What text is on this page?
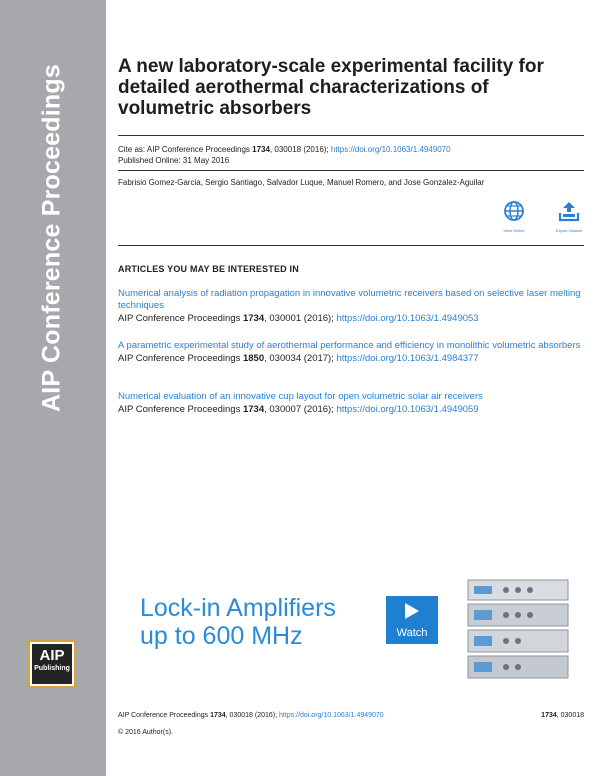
AIP Conference Proceedings
AIP
Publishing
A new laboratory-scale experimental facility for detailed aerothermal characterizations of volumetric absorbers
Cite as: AIP Conference Proceedings 1734, 030018 (2016); https://doi.org/10.1063/1.4949070
Published Online: 31 May 2016
Fabrisio Gomez-Garcia, Sergio Santiago, Salvador Luque, Manuel Romero, and Jose Gonzalez-Aguilar
View Online	Export Citation
ARTICLES YOU MAY BE INTERESTED IN
Numerical analysis of radiation propagation in innovative volumetric receivers based on selective laser melting techniques
AIP Conference Proceedings 1734, 030001 (2016); https://doi.org/10.1063/1.4949053
A parametric experimental study of aerothermal performance and efficiency in monolithic volumetric absorbers
AIP Conference Proceedings 1850, 030034 (2017); https://doi.org/10.1063/1.4984377
Numerical evaluation of an innovative cup layout for open volumetric solar air receivers
AIP Conference Proceedings 1734, 030007 (2016); https://doi.org/10.1063/1.4949059
Lock-in Amplifiers
up to 600 MHz	Watch
AIP Conference Proceedings 1734, 030018 (2016); https://doi.org/10.1063/1.4949070	1734, 030018
© 2016 Author(s).
